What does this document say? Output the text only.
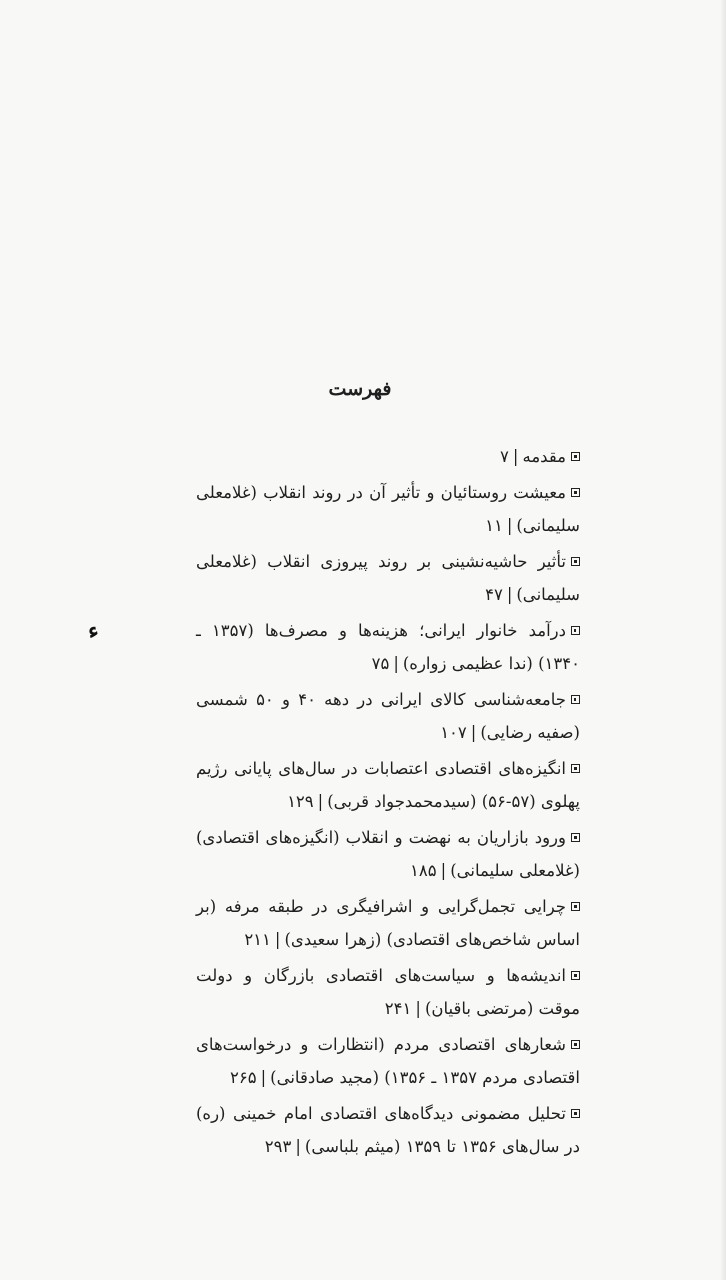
فهرست
ء
مقدمه|۷
معیشت روستائیان و تأثیر آن در روند انقلاب (غلامعلی سلیمانی)|۱۱
تأثیر حاشیه‌نشینی بر روند پیروزی انقلاب (غلامعلی سلیمانی)|۴۷
درآمد خانوار ایرانی؛ هزینه‌ها و مصرف‌ها (۱۳۵۷ ـ ۱۳۴۰) (ندا عظیمی زواره)|۷۵
جامعه‌شناسی کالای ایرانی در دهه ۴۰ و ۵۰ شمسی (صفیه رضایی)|۱۰۷
انگیزه‌های اقتصادی اعتصابات در سال‌های پایانی رژیم پهلوی (۵۷-۵۶) (سیدمحمدجواد قربی)|۱۲۹
ورود بازاریان به نهضت و انقلاب (انگیزه‌های اقتصادی) (غلامعلی سلیمانی)|۱۸۵
چرایی تجمل‌گرایی و اشرافیگری در طبقه مرفه (بر اساس شاخص‌های اقتصادی) (زهرا سعیدی)|۲۱۱
اندیشه‌ها و سیاست‌های اقتصادی بازرگان و دولت موقت (مرتضی باقیان)|۲۴۱
شعارهای اقتصادی مردم (انتظارات و درخواست‌های اقتصادی مردم ۱۳۵۷ ـ ۱۳۵۶) (مجید صادقانی)|۲۶۵
تحلیل مضمونی دیدگاه‌های اقتصادی امام خمینی (ره) در سال‌های ۱۳۵۶ تا ۱۳۵۹ (میثم بلباسی)|۲۹۳
